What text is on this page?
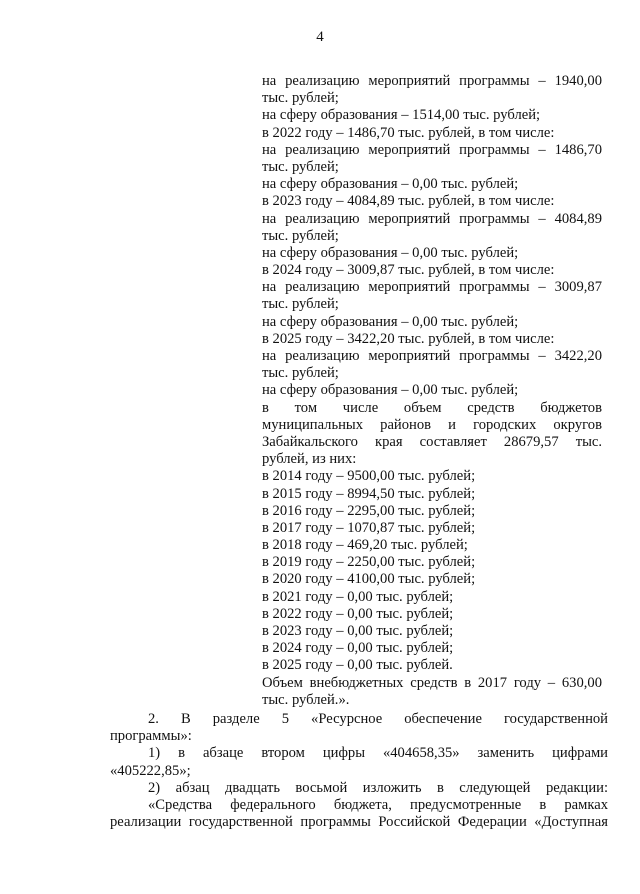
4
на реализацию мероприятий программы – 1940,00
тыс. рублей;
на сферу образования – 1514,00 тыс. рублей;
в 2022 году – 1486,70 тыс. рублей, в том числе:
на реализацию мероприятий программы – 1486,70
тыс. рублей;
на сферу образования – 0,00 тыс. рублей;
в 2023 году – 4084,89 тыс. рублей, в том числе:
на реализацию мероприятий программы – 4084,89
тыс. рублей;
на сферу образования – 0,00 тыс. рублей;
в 2024 году – 3009,87 тыс. рублей, в том числе:
на реализацию мероприятий программы – 3009,87
тыс. рублей;
на сферу образования – 0,00 тыс. рублей;
в 2025 году – 3422,20 тыс. рублей, в том числе:
на реализацию мероприятий программы – 3422,20
тыс. рублей;
на сферу образования – 0,00 тыс. рублей;
в том числе объем средств бюджетов
муниципальных районов и городских округов
Забайкальского края составляет 28679,57 тыс.
рублей, из них:
в 2014 году – 9500,00 тыс. рублей;
в 2015 году – 8994,50 тыс. рублей;
в 2016 году – 2295,00 тыс. рублей;
в 2017 году – 1070,87 тыс. рублей;
в 2018 году – 469,20 тыс. рублей;
в 2019 году – 2250,00 тыс. рублей;
в 2020 году – 4100,00 тыс. рублей;
в 2021 году – 0,00 тыс. рублей;
в 2022 году – 0,00 тыс. рублей;
в 2023 году – 0,00 тыс. рублей;
в 2024 году – 0,00 тыс. рублей;
в 2025 году – 0,00 тыс. рублей.
Объем внебюджетных средств в 2017 году – 630,00
тыс. рублей.».
2. В разделе 5 «Ресурсное обеспечение государственной
программы»:
1) в абзаце втором цифры «404658,35» заменить цифрами
«405222,85»;
2) абзац двадцать восьмой изложить в следующей редакции:
«Средства федерального бюджета, предусмотренные в рамках
реализации государственной программы Российской Федерации «Доступная
